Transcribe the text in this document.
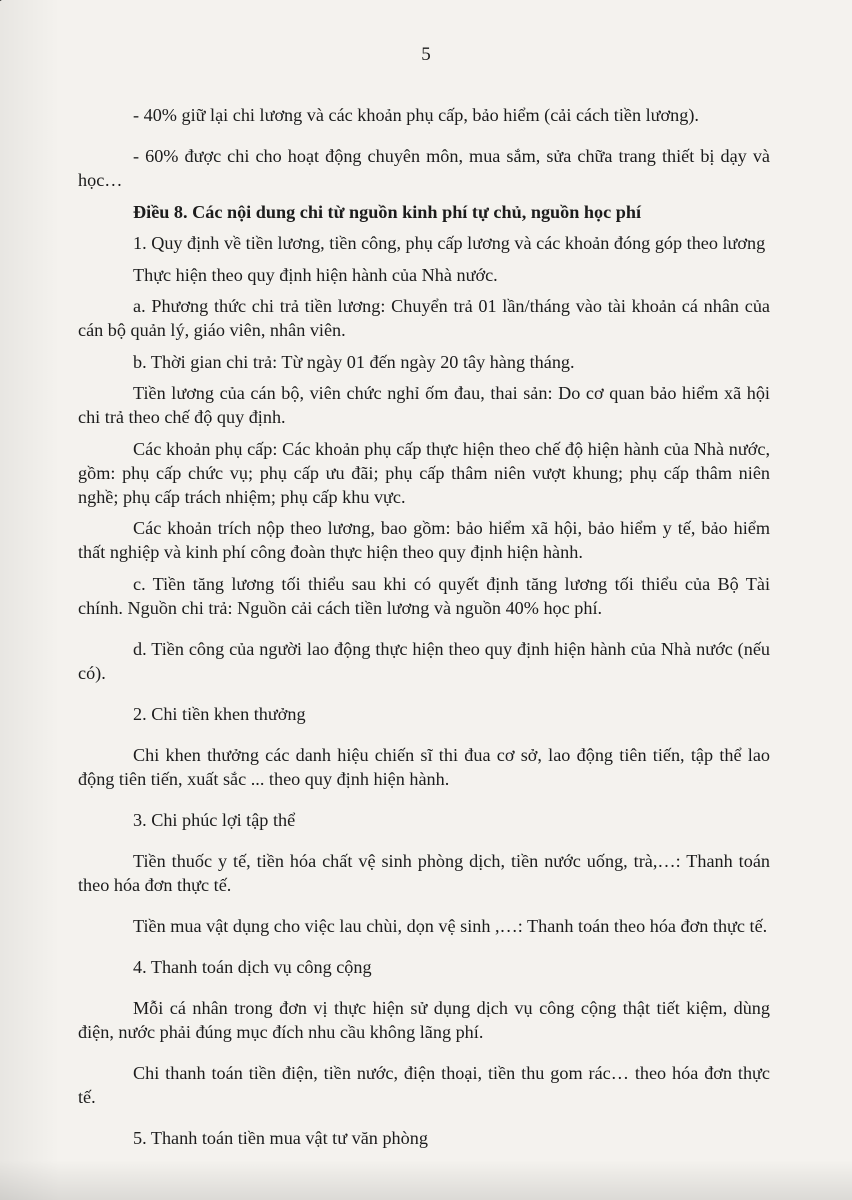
5

- 40% giữ lại chi lương và các khoản phụ cấp, bảo hiểm (cải cách tiền lương).

- 60% được chi cho hoạt động chuyên môn, mua sắm, sửa chữa trang thiết bị dạy và học…

Điều 8. Các nội dung chi từ nguồn kinh phí tự chủ, nguồn học phí

1. Quy định về tiền lương, tiền công, phụ cấp lương và các khoản đóng góp theo lương

Thực hiện theo quy định hiện hành của Nhà nước.

a. Phương thức chi trả tiền lương: Chuyển trả 01 lần/tháng vào tài khoản cá nhân của cán bộ quản lý, giáo viên, nhân viên.

b. Thời gian chi trả: Từ ngày 01 đến ngày 20 tây hàng tháng.

Tiền lương của cán bộ, viên chức nghỉ ốm đau, thai sản: Do cơ quan bảo hiểm xã hội chi trả theo chế độ quy định.

Các khoản phụ cấp: Các khoản phụ cấp thực hiện theo chế độ hiện hành của Nhà nước, gồm: phụ cấp chức vụ; phụ cấp ưu đãi; phụ cấp thâm niên vượt khung; phụ cấp thâm niên nghề; phụ cấp trách nhiệm; phụ cấp khu vực.

Các khoản trích nộp theo lương, bao gồm: bảo hiểm xã hội, bảo hiểm y tế, bảo hiểm thất nghiệp và kinh phí công đoàn thực hiện theo quy định hiện hành.

c. Tiền tăng lương tối thiểu sau khi có quyết định tăng lương tối thiểu của Bộ Tài chính. Nguồn chi trả: Nguồn cải cách tiền lương và nguồn 40% học phí.

d. Tiền công của người lao động thực hiện theo quy định hiện hành của Nhà nước (nếu có).

2. Chi tiền khen thưởng

Chi khen thưởng các danh hiệu chiến sĩ thi đua cơ sở, lao động tiên tiến, tập thể lao động tiên tiến, xuất sắc ... theo quy định hiện hành.

3. Chi phúc lợi tập thể

Tiền thuốc y tế, tiền hóa chất vệ sinh phòng dịch, tiền nước uống, trà,…: Thanh toán theo hóa đơn thực tế.

Tiền mua vật dụng cho việc lau chùi, dọn vệ sinh ,…: Thanh toán theo hóa đơn thực tế.

4. Thanh toán dịch vụ công cộng

Mỗi cá nhân trong đơn vị thực hiện sử dụng dịch vụ công cộng thật tiết kiệm, dùng điện, nước phải đúng mục đích nhu cầu không lãng phí.

Chi thanh toán tiền điện, tiền nước, điện thoại, tiền thu gom rác… theo hóa đơn thực tế.

5. Thanh toán tiền mua vật tư văn phòng
